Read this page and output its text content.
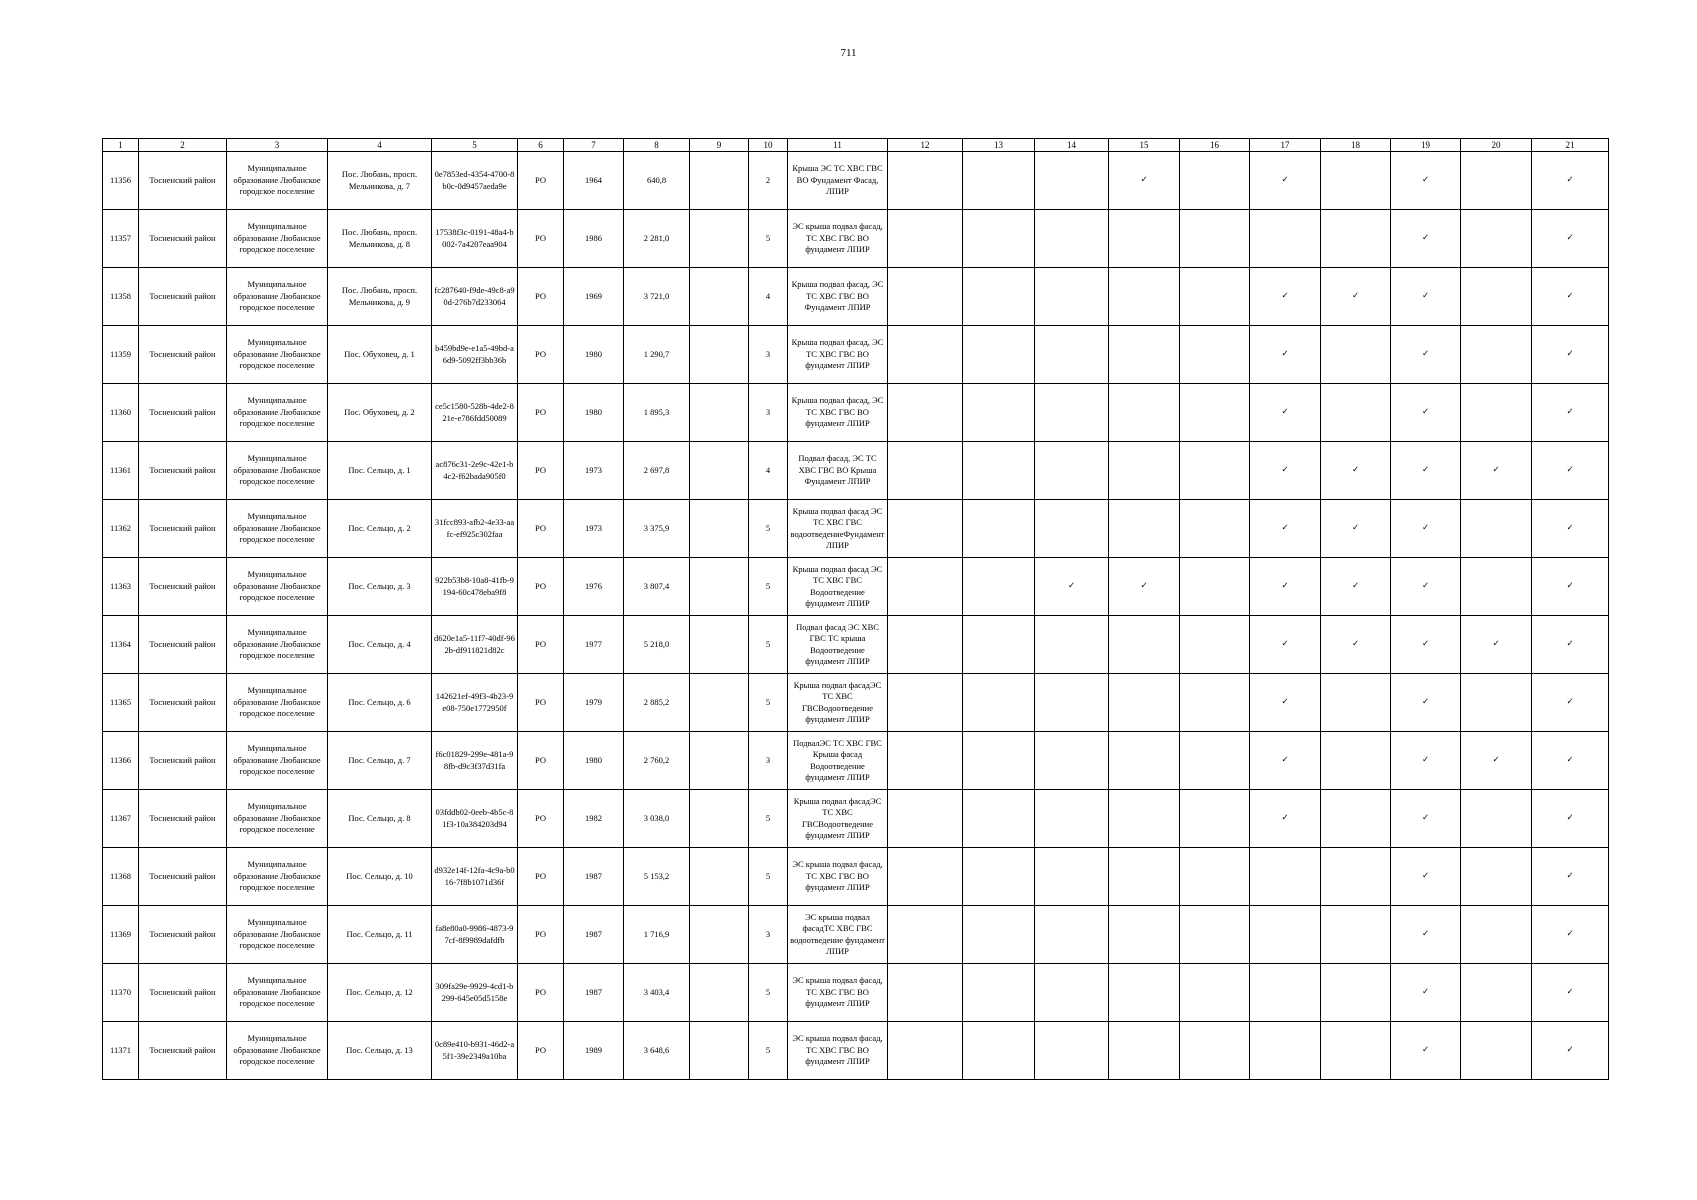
711
1	2	3	4	5	6	7	8	9	10	11	12	13	14	15	16	17	18	19	20	21
11356	Тосненский район	Муниципальное образование Любанское городское поселение	Пос. Любань, просп. Мельникова, д. 7	0e7853ed-4354-4700-8b0c-0d9457aeda9e	РО	1964	640,8		2	Крыша ЭС ТС ХВС ГВС ВО Фундамент Фасад, ЛПИР				✓		✓		✓		✓
11357	Тосненский район	Муниципальное образование Любанское городское поселение	Пос. Любань, просп. Мельникова, д. 8	17538f3c-0191-48a4-b002-7a4207eaa904	РО	1986	2 281,0		5	ЭС крыша подвал фасад, ТС ХВС ГВС ВО фундамент ЛПИР								✓		✓
11358	Тосненский район	Муниципальное образование Любанское городское поселение	Пос. Любань, просп. Мельникова, д. 9	fc287640-f9de-49c8-a90d-276b7d233064	РО	1969	3 721,0		4	Крыша подвал фасад, ЭС ТС ХВС ГВС ВО Фундамент ЛПИР						✓	✓	✓		✓
11359	Тосненский район	Муниципальное образование Любанское городское поселение	Пос. Обуховец, д. 1	b459bd9e-e1a5-49bd-a6d9-5092ff3bb36b	РО	1980	1 290,7		3	Крыша подвал фасад, ЭС ТС ХВС ГВС ВО фундамент ЛПИР						✓		✓		✓
11360	Тосненский район	Муниципальное образование Любанское городское поселение	Пос. Обуховец, д. 2	ce5c1580-528b-4de2-821e-e786fdd50089	РО	1980	1 895,3		3	Крыша подвал фасад, ЭС ТС ХВС ГВС ВО фундамент ЛПИР						✓		✓		✓
11361	Тосненский район	Муниципальное образование Любанское городское поселение	Пос. Сельцо, д. 1	ac876c31-2e9c-42e1-b4c2-f62bada905f0	РО	1973	2 697,8		4	Подвал фасад, ЭС ТС ХВС ГВС ВО Крыша Фундамент ЛПИР						✓	✓	✓	✓	✓
11362	Тосненский район	Муниципальное образование Любанское городское поселение	Пос. Сельцо, д. 2	31fcc893-afb2-4e33-aafc-ef925c302faa	РО	1973	3 375,9		5	Крыша подвал фасад ЭС ТС ХВС ГВС водоотведениеФундамент ЛПИР						✓	✓	✓		✓
11363	Тосненский район	Муниципальное образование Любанское городское поселение	Пос. Сельцо, д. 3	922b53b8-10a8-41fb-9194-60c478eba9f8	РО	1976	3 807,4		5	Крыша подвал фасад ЭС ТС ХВС ГВС Водоотведение фундамент ЛПИР			✓	✓		✓	✓	✓		✓
11364	Тосненский район	Муниципальное образование Любанское городское поселение	Пос. Сельцо, д. 4	d620e1a5-11f7-40df-962b-df911821d82c	РО	1977	5 218,0		5	Подвал фасад ЭС ХВС ГВС ТС крыша Водоотведение фундамент ЛПИР						✓	✓	✓	✓	✓
11365	Тосненский район	Муниципальное образование Любанское городское поселение	Пос. Сельцо, д. 6	142621ef-49f3-4b23-9e08-750e1772950f	РО	1979	2 885,2		5	Крыша подвал фасадЭС ТС ХВС ГВСВодоотведение фундамент ЛПИР						✓		✓		✓
11366	Тосненский район	Муниципальное образование Любанское городское поселение	Пос. Сельцо, д. 7	f6c01829-299e-481a-98fb-d9c3f37d31fa	РО	1980	2 760,2		3	ПодвалЭС ТС ХВС ГВС Крыша фасад Водоотведение фундамент ЛПИР						✓		✓	✓	✓
11367	Тосненский район	Муниципальное образование Любанское городское поселение	Пос. Сельцо, д. 8	03fddb02-0eeb-4b5c-81f3-10a384203d94	РО	1982	3 038,0		5	Крыша подвал фасадЭС ТС ХВС ГВСВодоотведение фундамент ЛПИР						✓		✓		✓
11368	Тосненский район	Муниципальное образование Любанское городское поселение	Пос. Сельцо, д. 10	d932e14f-12fa-4c9a-b016-7f8b1071d36f	РО	1987	5 153,2		5	ЭС крыша подвал фасад, ТС ХВС ГВС ВО фундамент ЛПИР								✓		✓
11369	Тосненский район	Муниципальное образование Любанское городское поселение	Пос. Сельцо, д. 11	fa8e80a0-9986-4873-97cf-8f9989dafdfb	РО	1987	1 716,9		3	ЭС крыша подвал фасадТС ХВС ГВС водоотведение фундамент ЛПИР								✓		✓
11370	Тосненский район	Муниципальное образование Любанское городское поселение	Пос. Сельцо, д. 12	309fa29e-9929-4cd1-b299-645e05d5158e	РО	1987	3 403,4		5	ЭС крыша подвал фасад, ТС ХВС ГВС ВО фундамент ЛПИР								✓		✓
11371	Тосненский район	Муниципальное образование Любанское городское поселение	Пос. Сельцо, д. 13	0c89e410-b931-46d2-a5f1-39e2349a10ba	РО	1989	3 648,6		5	ЭС крыша подвал фасад, ТС ХВС ГВС ВО фундамент ЛПИР								✓		✓
